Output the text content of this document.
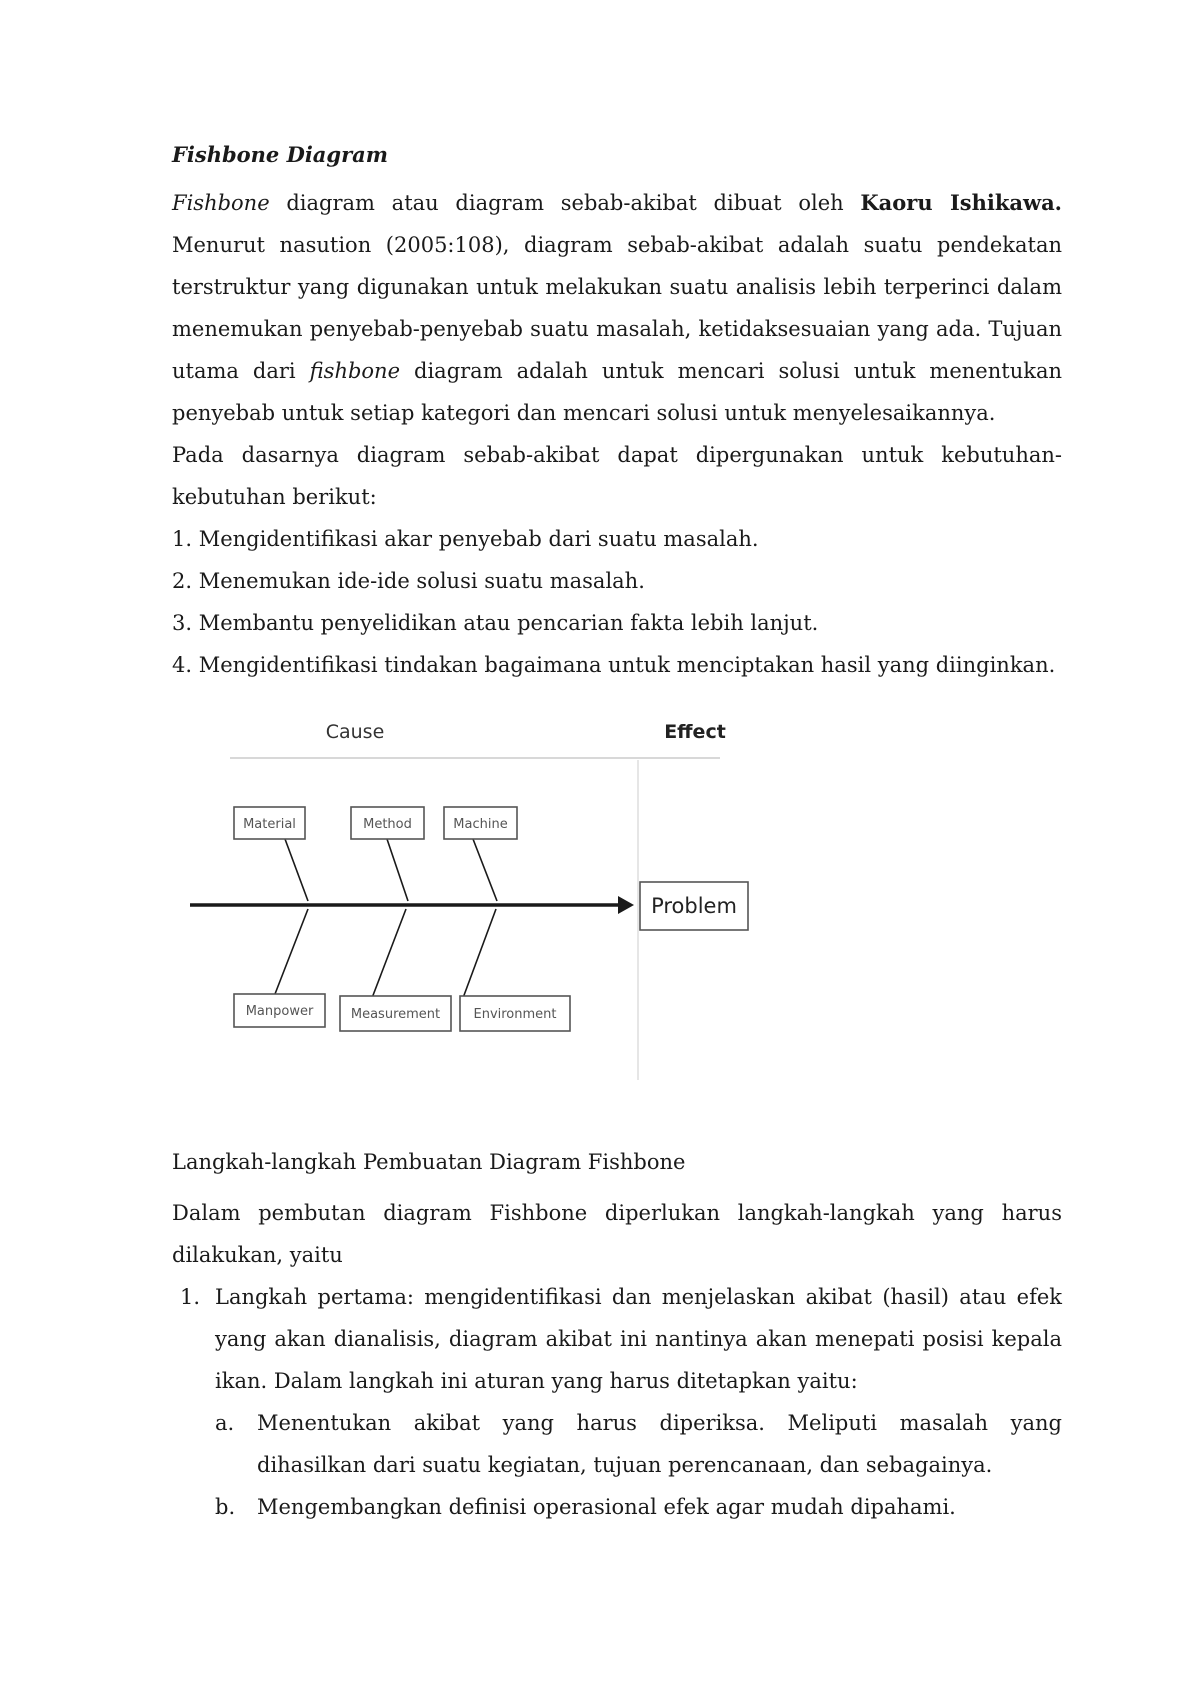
Fishbone Diagram
Fishbone diagram atau diagram sebab-akibat dibuat oleh Kaoru Ishikawa. Menurut nasution (2005:108), diagram sebab-akibat adalah suatu pendekatan terstruktur yang digunakan untuk melakukan suatu analisis lebih terperinci dalam menemukan penyebab-penyebab suatu masalah, ketidaksesuaian yang ada. Tujuan utama dari fishbone diagram adalah untuk mencari solusi untuk menentukan penyebab untuk setiap kategori dan mencari solusi untuk menyelesaikannya.
Pada dasarnya diagram sebab-akibat dapat dipergunakan untuk kebutuhan-kebutuhan berikut:
1. Mengidentifikasi akar penyebab dari suatu masalah.
2. Menemukan ide-ide solusi suatu masalah.
3. Membantu penyelidikan atau pencarian fakta lebih lanjut.
4. Mengidentifikasi tindakan bagaimana untuk menciptakan hasil yang diinginkan.
Cause	Effect
Material	Method	Machine
Manpower	Measurement	Environment
Problem
Langkah-langkah Pembuatan Diagram Fishbone
Dalam pembutan diagram Fishbone diperlukan langkah-langkah yang harus dilakukan, yaitu
1. Langkah pertama: mengidentifikasi dan menjelaskan akibat (hasil) atau efek yang akan dianalisis, diagram akibat ini nantinya akan menepati posisi kepala ikan. Dalam langkah ini aturan yang harus ditetapkan yaitu:
a. Menentukan akibat yang harus diperiksa. Meliputi masalah yang dihasilkan dari suatu kegiatan, tujuan perencanaan, dan sebagainya.
b. Mengembangkan definisi operasional efek agar mudah dipahami.
